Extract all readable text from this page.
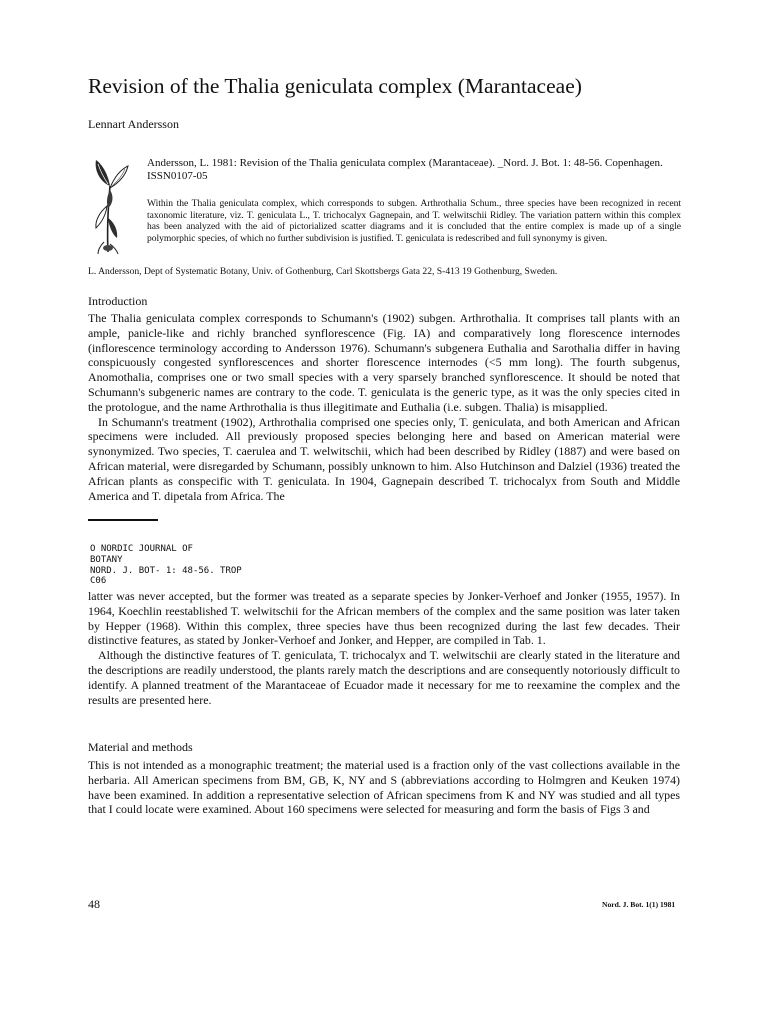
Revision of the Thalia geniculata complex (Marantaceae)
Lennart Andersson
Andersson, L. 1981: Revision of the Thalia geniculata complex (Marantaceae). _Nord. J. Bot. 1: 48-56. Copenhagen. ISSN0107-05
Within the Thalia geniculata complex, which corresponds to subgen. Arthrothalia Schum., three species have been recognized in recent taxonomic literature, viz. T. geniculata L., T. trichocalyx Gagnepain, and T. welwitschii Ridley. The variation pattern within this complex has been analyzed with the aid of pictorialized scatter diagrams and it is concluded that the entire complex is made up of a single polymorphic species, of which no further subdivision is justified. T. geniculata is redescribed and full synonymy is given.
L. Andersson, Dept of Systematic Botany, Univ. of Gothenburg, Carl Skottsbergs Gata 22, S-413 19 Gothenburg, Sweden.
Introduction

The Thalia geniculata complex corresponds to Schumann's (1902) subgen. Arthrothalia. It comprises tall plants with an ample, panicle-like and richly branched synflorescence (Fig. IA) and comparatively long florescence internodes (inflorescence terminology according to Andersson 1976). Schumann's subgenera Euthalia and Sarothalia differ in having conspicuously congested synflorescences and shorter florescence internodes (<5 mm long). The fourth subgenus, Anomothalia, comprises one or two small species with a very sparsely branched synflorescence. It should be noted that Schumann's subgeneric names are contrary to the code. T. geniculata is the generic type, as it was the only species cited in the protologue, and the name Arthrothalia is thus illegitimate and Euthalia (i.e. subgen. Thalia) is misapplied.

In Schumann's treatment (1902), Arthrothalia comprised one species only, T. geniculata, and both American and African specimens were included. All previously proposed species belonging here and based on American material were synonymized. Two species, T. caerulea and T. welwitschii, which had been described by Ridley (1887) and were based on African material, were disregarded by Schumann, possibly unknown to him. Also Hutchinson and Dalziel (1936) treated the African plants as conspecific with T. geniculata. In 1904, Gagnepain described T. trichocalyx from South and Middle America and T. dipetala from Africa. The

O NORDIC JOURNAL OF
BOTANY
NORD. J. BOT- 1: 48-56. TROP
C06

latter was never accepted, but the former was treated as a separate species by Jonker-Verhoef and Jonker (1955, 1957). In 1964, Koechlin reestablished T. welwitschii for the African members of the complex and the same position was later taken by Hepper (1968). Within this complex, three species have thus been recognized during the last few decades. Their distinctive features, as stated by Jonker-Verhoef and Jonker, and Hepper, are compiled in Tab. 1.

Although the distinctive features of T. geniculata, T. trichocalyx and T. welwitschii are clearly stated in the literature and the descriptions are readily understood, the plants rarely match the descriptions and are consequently notoriously difficult to identify. A planned treatment of the Marantaceae of Ecuador made it necessary for me to reexamine the complex and the results are presented here.

Material and methods

This is not intended as a monographic treatment; the material used is a fraction only of the vast collections available in the herbaria. All American specimens from BM, GB, K, NY and S (abbreviations according to Holmgren and Keuken 1974) have been examined. In addition a representative selection of African specimens from K and NY was studied and all types that I could locate were examined. About 160 specimens were selected for measuring and form the basis of Figs 3 and

48	Nord. J. Bot. 1(1) 1981
